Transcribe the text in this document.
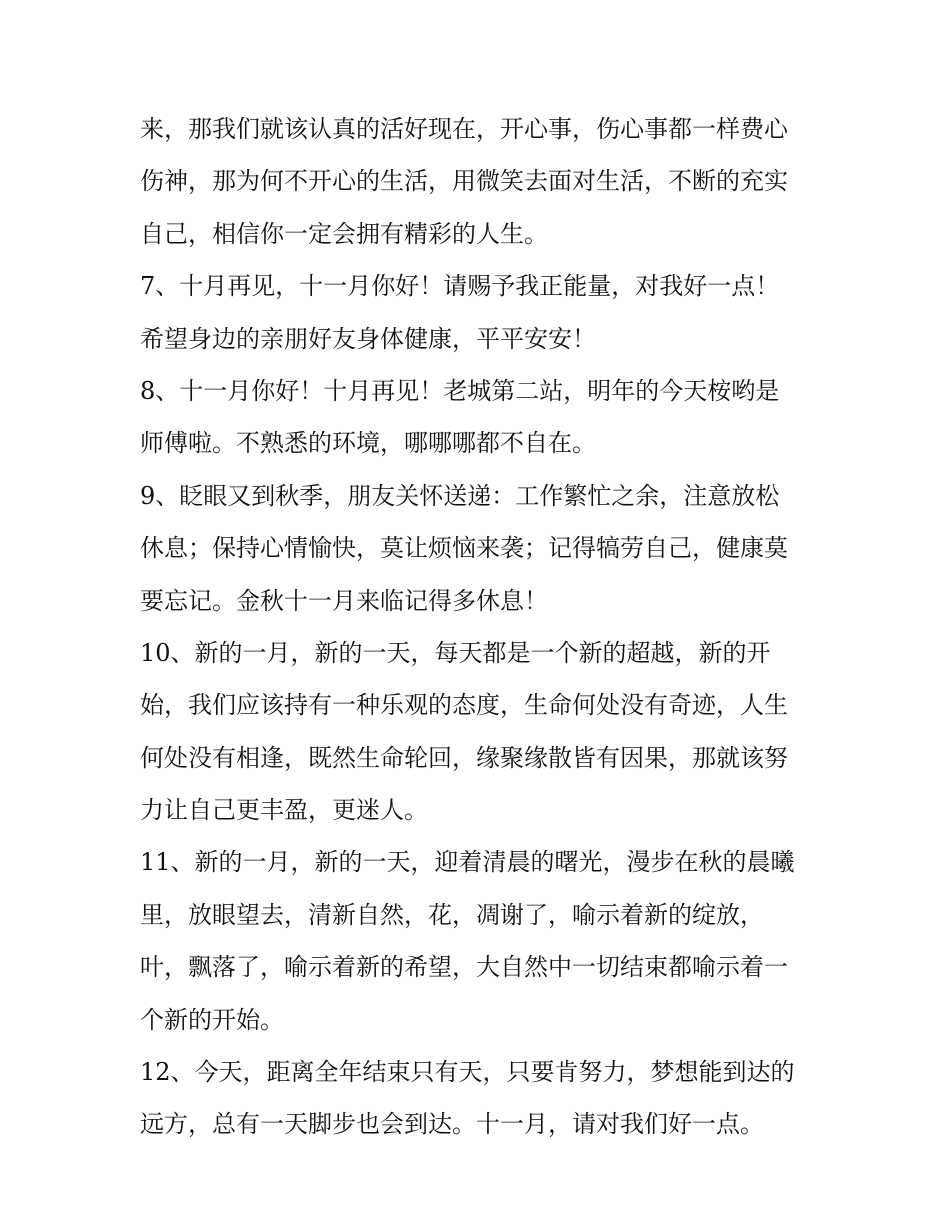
来，那我们就该认真的活好现在，开心事，伤心事都一样费心
伤神，那为何不开心的生活，用微笑去面对生活，不断的充实
自己，相信你一定会拥有精彩的人生。
7、十月再见，十一月你好！请赐予我正能量，对我好一点！
希望身边的亲朋好友身体健康，平平安安！
8、十一月你好！十月再见！老城第二站，明年的今天桉哟是
师傅啦。不熟悉的环境，哪哪哪都不自在。
9、眨眼又到秋季，朋友关怀送递：工作繁忙之余，注意放松
休息；保持心情愉快，莫让烦恼来袭；记得犒劳自己，健康莫
要忘记。金秋十一月来临记得多休息！
10、新的一月，新的一天，每天都是一个新的超越，新的开
始，我们应该持有一种乐观的态度，生命何处没有奇迹，人生
何处没有相逢，既然生命轮回，缘聚缘散皆有因果，那就该努
力让自己更丰盈，更迷人。
11、新的一月，新的一天，迎着清晨的曙光，漫步在秋的晨曦
里，放眼望去，清新自然，花，凋谢了，喻示着新的绽放，
叶，飘落了，喻示着新的希望，大自然中一切结束都喻示着一
个新的开始。
12、今天，距离全年结束只有天，只要肯努力，梦想能到达的
远方，总有一天脚步也会到达。十一月，请对我们好一点。
